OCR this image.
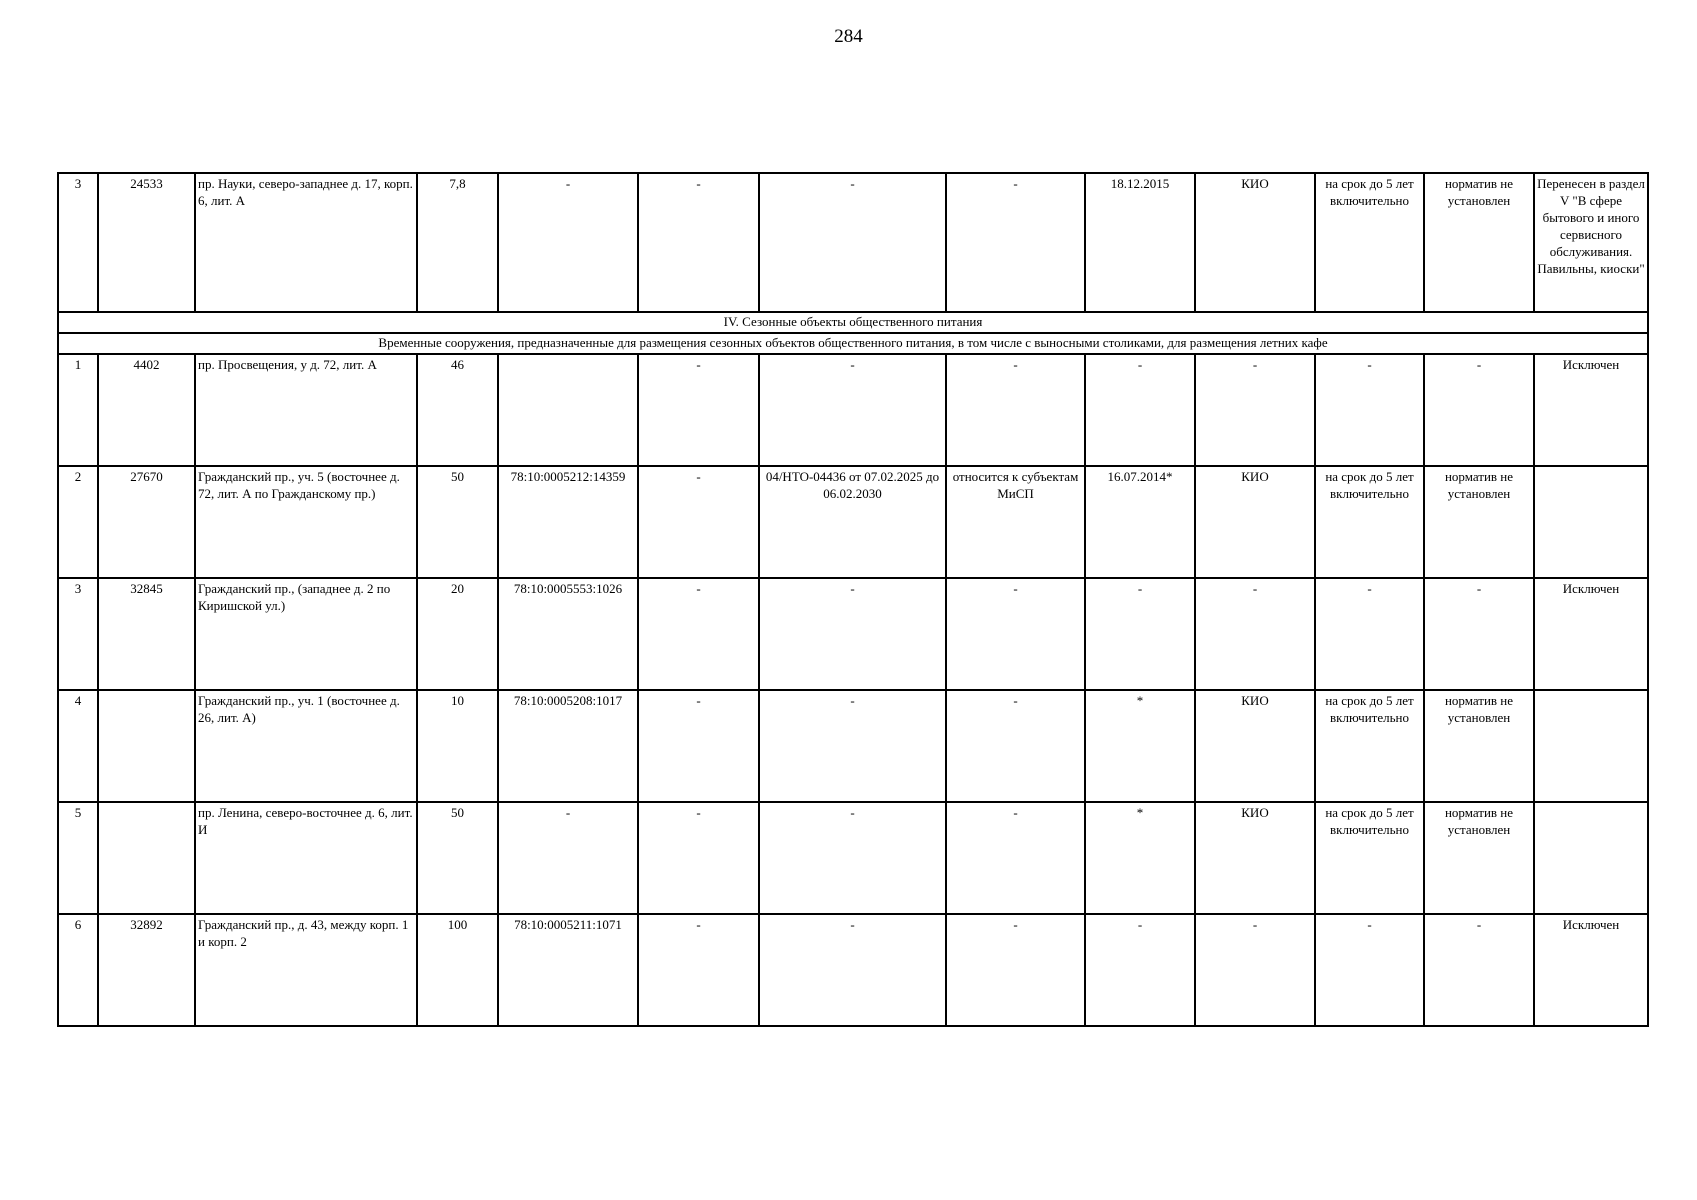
284
3	24533	пр. Науки, северо-западнее д. 17, корп. 6, лит. А	7,8	-	-	-	-	18.12.2015	КИО	на срок до 5 лет включительно	норматив не установлен	Перенесен в раздел V "В сфере бытового и иного сервисного обслуживания. Павильны, киоски"
IV. Сезонные объекты общественного питания												
Временные сооружения, предназначенные для размещения сезонных объектов общественного питания, в том числе с выносными столиками, для размещения летних кафе												
1	4402	пр. Просвещения, у д. 72, лит. А	46		-	-	-	-	-	-	-	Исключен
2	27670	Гражданский пр., уч. 5 (восточнее д. 72, лит. А по Гражданскому пр.)	50	78:10:0005212:14359	-	04/НТО-04436 от 07.02.2025 до 06.02.2030	относится к субъектам МиСП	16.07.2014*	КИО	на срок до 5 лет включительно	норматив не установлен	
3	32845	Гражданский пр., (западнее д. 2 по Киришской ул.)	20	78:10:0005553:1026	-	-	-	-	-	-	-	Исключен
4		Гражданский пр., уч. 1 (восточнее д. 26, лит. А)	10	78:10:0005208:1017	-	-	-	*	КИО	на срок до 5 лет включительно	норматив не установлен	
5		пр. Ленина, северо-восточнее д. 6, лит. И	50	-	-	-	-	*	КИО	на срок до 5 лет включительно	норматив не установлен	
6	32892	Гражданский пр., д. 43, между корп. 1 и корп. 2	100	78:10:0005211:1071	-	-	-	-	-	-	-	Исключен
